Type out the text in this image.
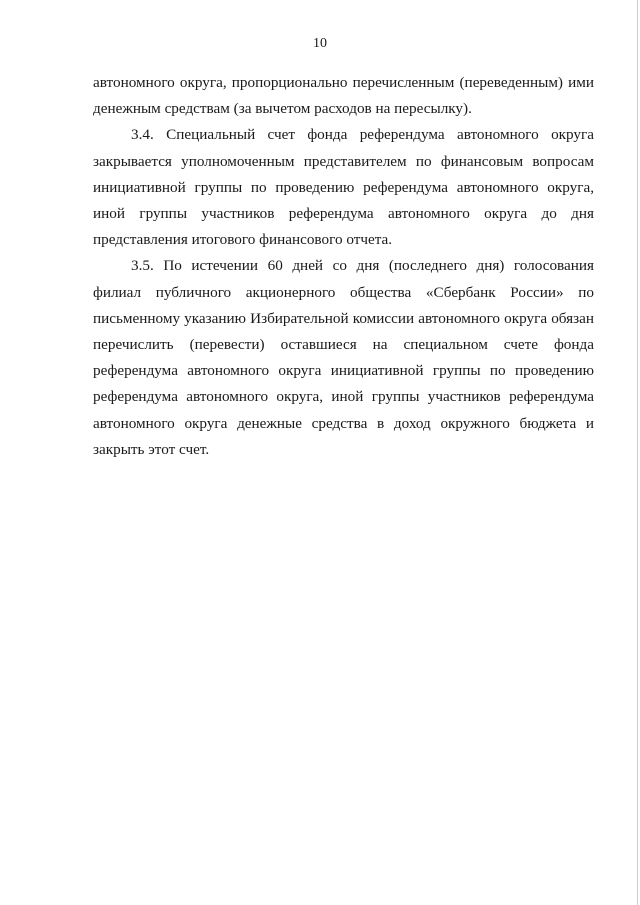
10

автономного округа, пропорционально перечисленным (переведенным) ими денежным средствам (за вычетом расходов на пересылку).

3.4. Специальный счет фонда референдума автономного округа закрывается уполномоченным представителем по финансовым вопросам инициативной группы по проведению референдума автономного округа, иной группы участников референдума автономного округа до дня представления итогового финансового отчета.

3.5. По истечении 60 дней со дня (последнего дня) голосования филиал публичного акционерного общества «Сбербанк России» по письменному указанию Избирательной комиссии автономного округа обязан перечислить (перевести) оставшиеся на специальном счете фонда референдума автономного округа инициативной группы по проведению референдума автономного округа, иной группы участников референдума автономного округа денежные средства в доход окружного бюджета и закрыть этот счет.
